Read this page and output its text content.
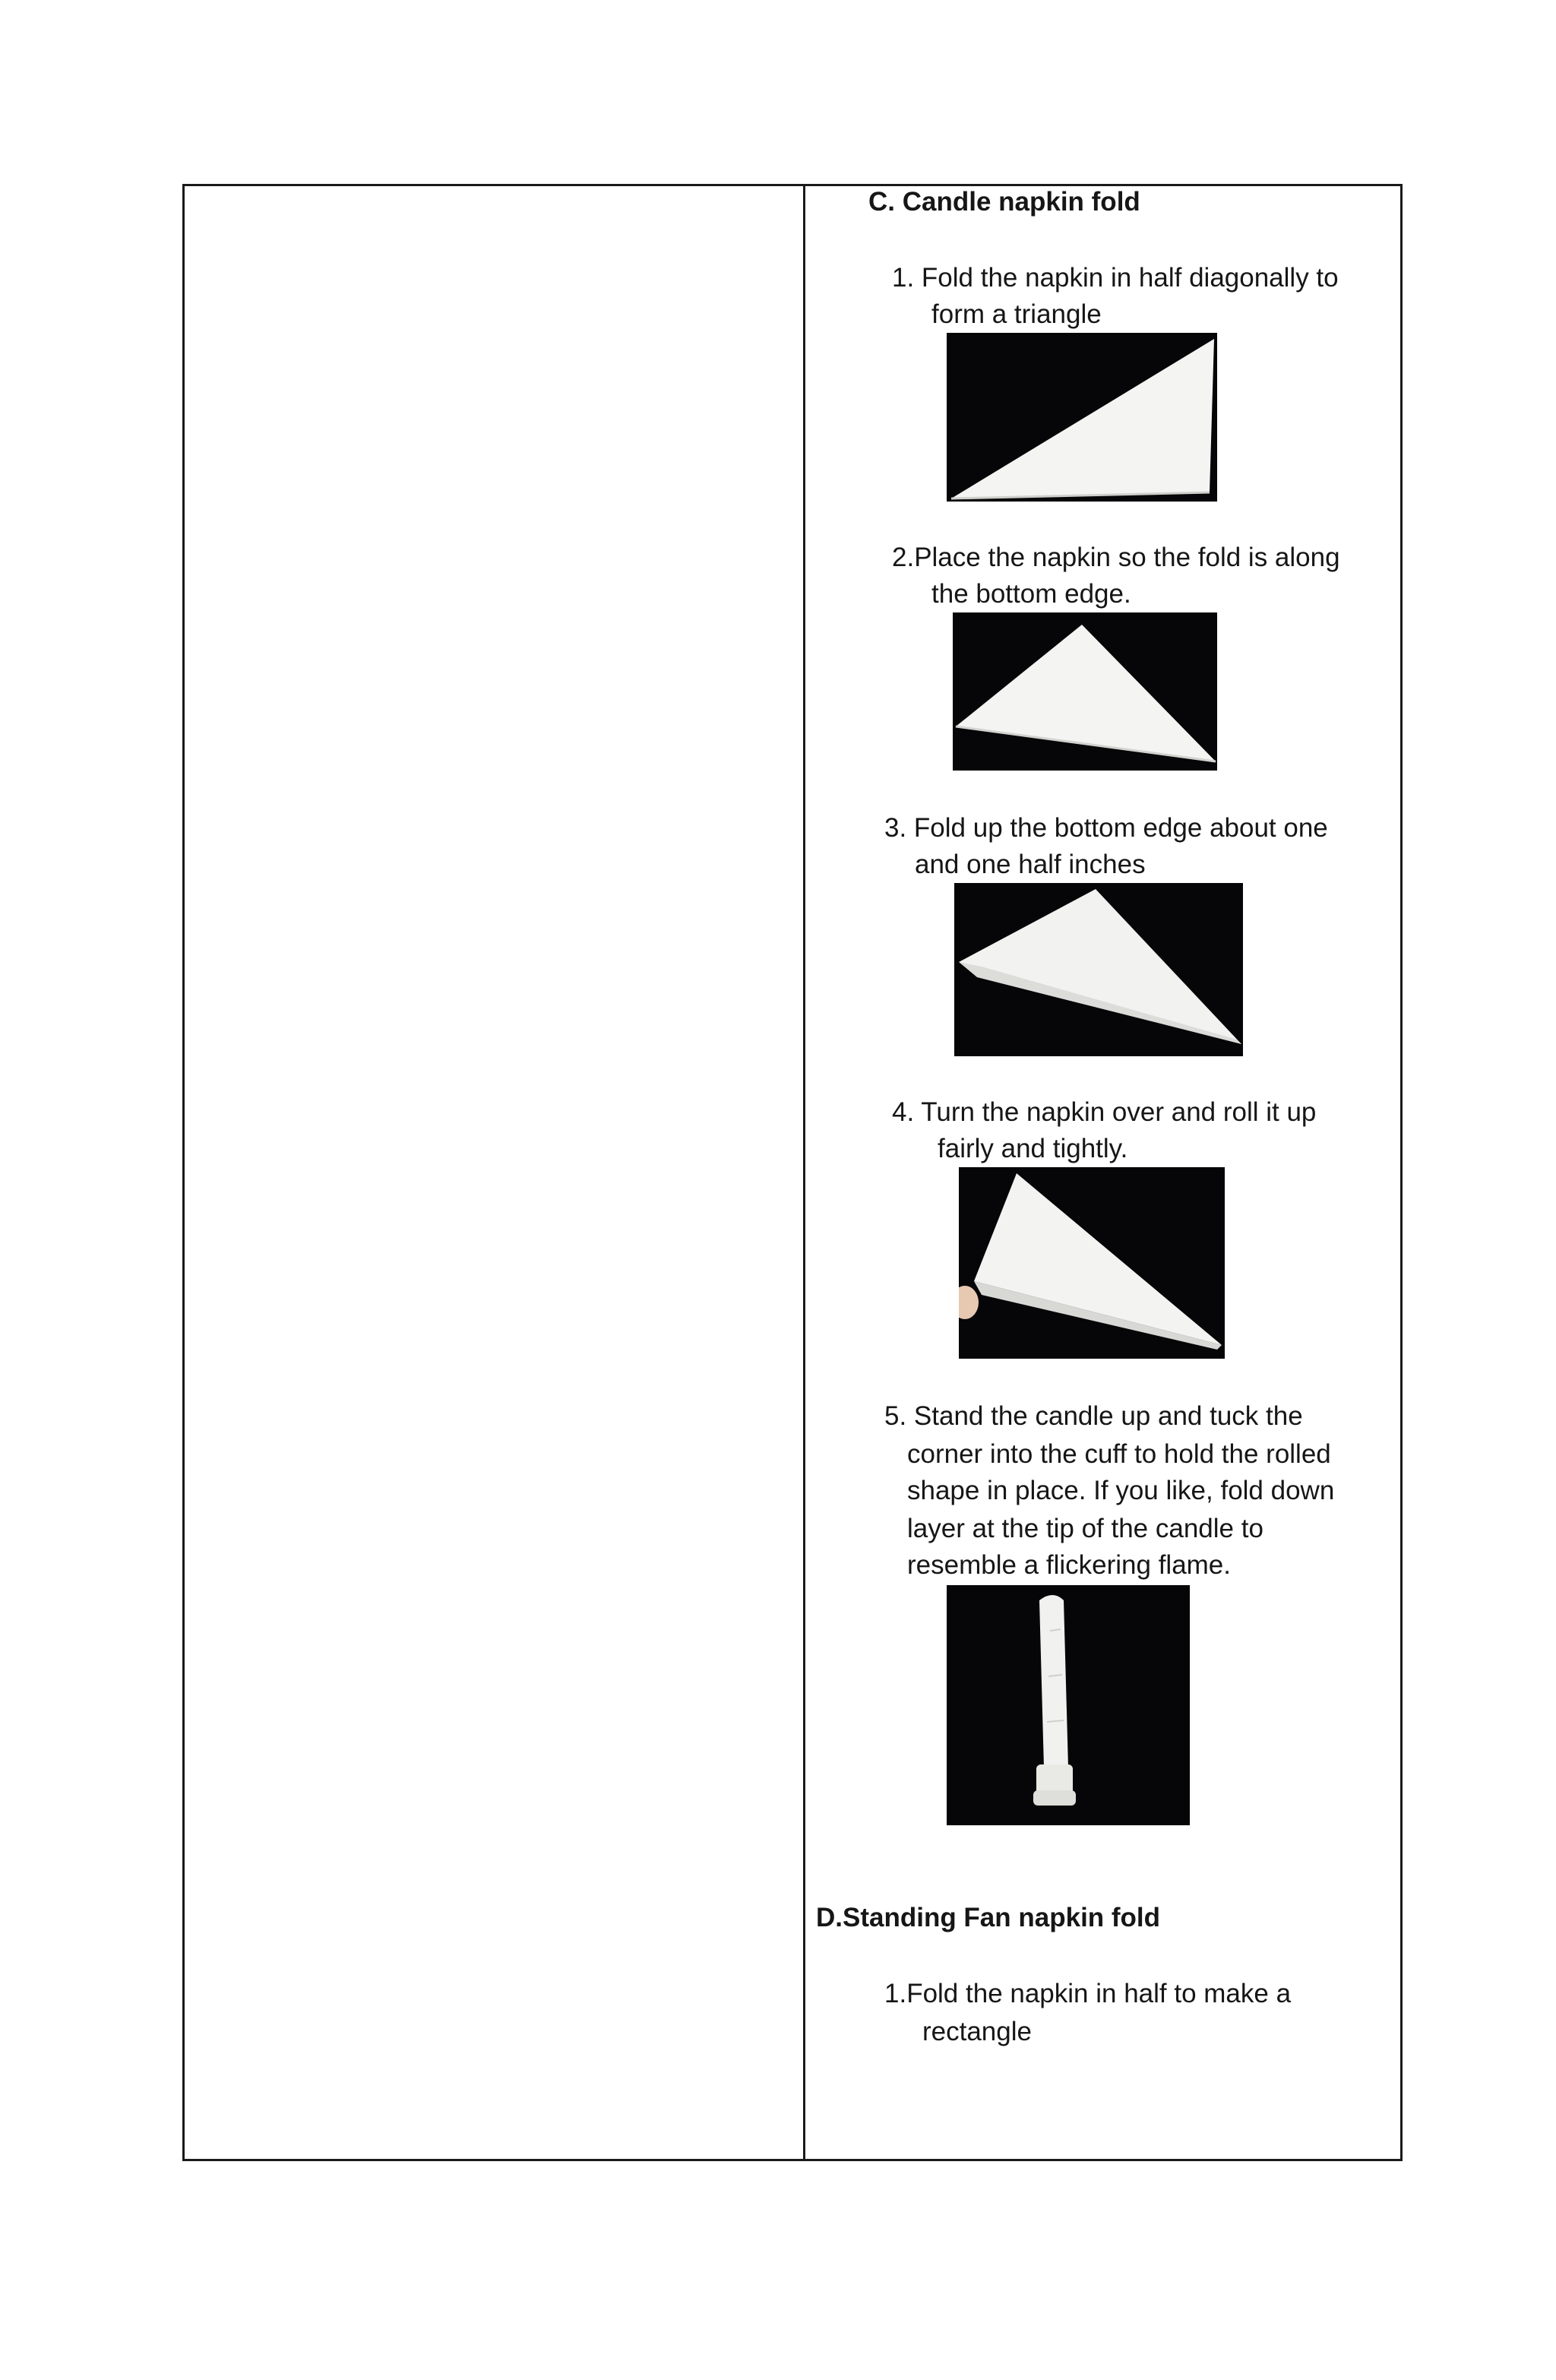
C. Candle napkin fold
1. Fold the napkin in half diagonally to
form a triangle
2.Place the napkin so the fold is along
the bottom edge.
3. Fold up the bottom edge about one
and one half inches
4. Turn the napkin over and roll it up
fairly and tightly.
5. Stand the candle up and tuck the
corner into the cuff to hold the rolled
shape in place. If you like, fold down
layer at the tip of the candle to
resemble a flickering flame.
D.Standing Fan napkin fold
1.Fold the napkin in half to make a
rectangle
